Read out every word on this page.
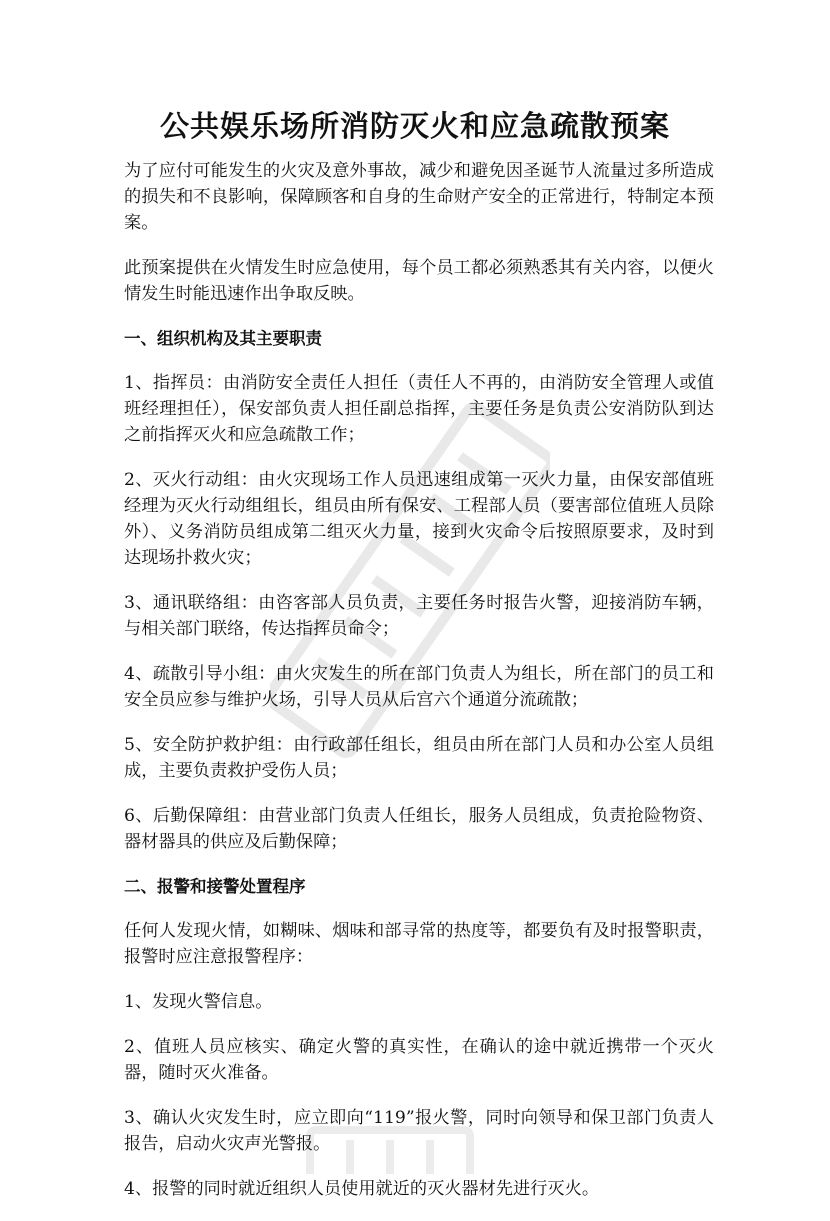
公共娱乐场所消防灭火和应急疏散预案

为了应付可能发生的火灾及意外事故，减少和避免因圣诞节人流量过多所造成的损失和不良影响，保障顾客和自身的生命财产安全的正常进行，特制定本预案。

此预案提供在火情发生时应急使用，每个员工都必须熟悉其有关内容，以便火情发生时能迅速作出争取反映。

一、组织机构及其主要职责

1、指挥员：由消防安全责任人担任（责任人不再的，由消防安全管理人或值班经理担任），保安部负责人担任副总指挥，主要任务是负责公安消防队到达之前指挥灭火和应急疏散工作；

2、灭火行动组：由火灾现场工作人员迅速组成第一灭火力量，由保安部值班经理为灭火行动组组长，组员由所有保安、工程部人员（要害部位值班人员除外）、义务消防员组成第二组灭火力量，接到火灾命令后按照原要求，及时到达现场扑救火灾；

3、通讯联络组：由咨客部人员负责，主要任务时报告火警，迎接消防车辆，与相关部门联络，传达指挥员命令；

4、疏散引导小组：由火灾发生的所在部门负责人为组长，所在部门的员工和安全员应参与维护火场，引导人员从后宫六个通道分流疏散；

5、安全防护救护组：由行政部任组长，组员由所在部门人员和办公室人员组成，主要负责救护受伤人员；

6、后勤保障组：由营业部门负责人任组长，服务人员组成，负责抢险物资、器材器具的供应及后勤保障；

二、报警和接警处置程序

任何人发现火情，如糊味、烟味和部寻常的热度等，都要负有及时报警职责，报警时应注意报警程序：

1、发现火警信息。

2、值班人员应核实、确定火警的真实性，在确认的途中就近携带一个灭火器，随时灭火准备。

3、确认火灾发生时，应立即向“119”报火警，同时向领导和保卫部门负责人报告，启动火灾声光警报。

4、报警的同时就近组织人员使用就近的灭火器材先进行灭火。
